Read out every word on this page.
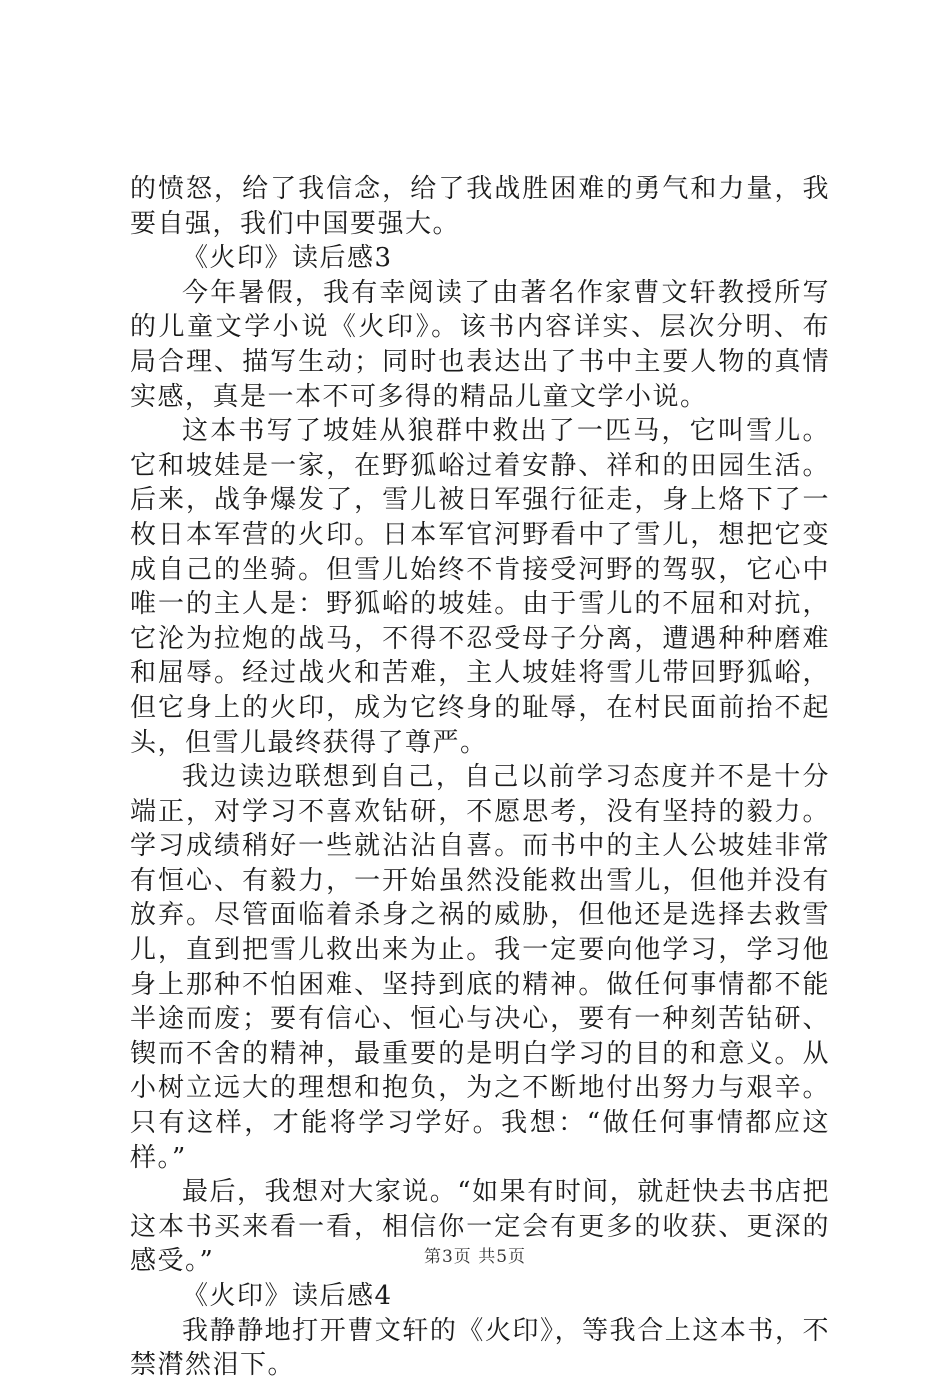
的愤怒，给了我信念，给了我战胜困难的勇气和力量，我要自强，我们中国要强大。

《火印》读后感3

今年暑假，我有幸阅读了由著名作家曹文轩教授所写的儿童文学小说《火印》。该书内容详实、层次分明、布局合理、描写生动；同时也表达出了书中主要人物的真情实感，真是一本不可多得的精品儿童文学小说。

这本书写了坡娃从狼群中救出了一匹马，它叫雪儿。它和坡娃是一家，在野狐峪过着安静、祥和的田园生活。后来，战争爆发了，雪儿被日军强行征走，身上烙下了一枚日本军营的火印。日本军官河野看中了雪儿，想把它变成自己的坐骑。但雪儿始终不肯接受河野的驾驭，它心中唯一的主人是：野狐峪的坡娃。由于雪儿的不屈和对抗，它沦为拉炮的战马，不得不忍受母子分离，遭遇种种磨难和屈辱。经过战火和苦难，主人坡娃将雪儿带回野狐峪，但它身上的火印，成为它终身的耻辱，在村民面前抬不起头，但雪儿最终获得了尊严。

我边读边联想到自己，自己以前学习态度并不是十分端正，对学习不喜欢钻研，不愿思考，没有坚持的毅力。学习成绩稍好一些就沾沾自喜。而书中的主人公坡娃非常有恒心、有毅力，一开始虽然没能救出雪儿，但他并没有放弃。尽管面临着杀身之祸的威胁，但他还是选择去救雪儿，直到把雪儿救出来为止。我一定要向他学习，学习他身上那种不怕困难、坚持到底的精神。做任何事情都不能半途而废；要有信心、恒心与决心，要有一种刻苦钻研、锲而不舍的精神，最重要的是明白学习的目的和意义。从小树立远大的理想和抱负，为之不断地付出努力与艰辛。只有这样，才能将学习学好。我想：“做任何事情都应这样。”

最后，我想对大家说。“如果有时间，就赶快去书店把这本书买来看一看，相信你一定会有更多的收获、更深的感受。”

《火印》读后感4

我静静地打开曹文轩的《火印》，等我合上这本书，不禁潸然泪下。

第3页 共5页
